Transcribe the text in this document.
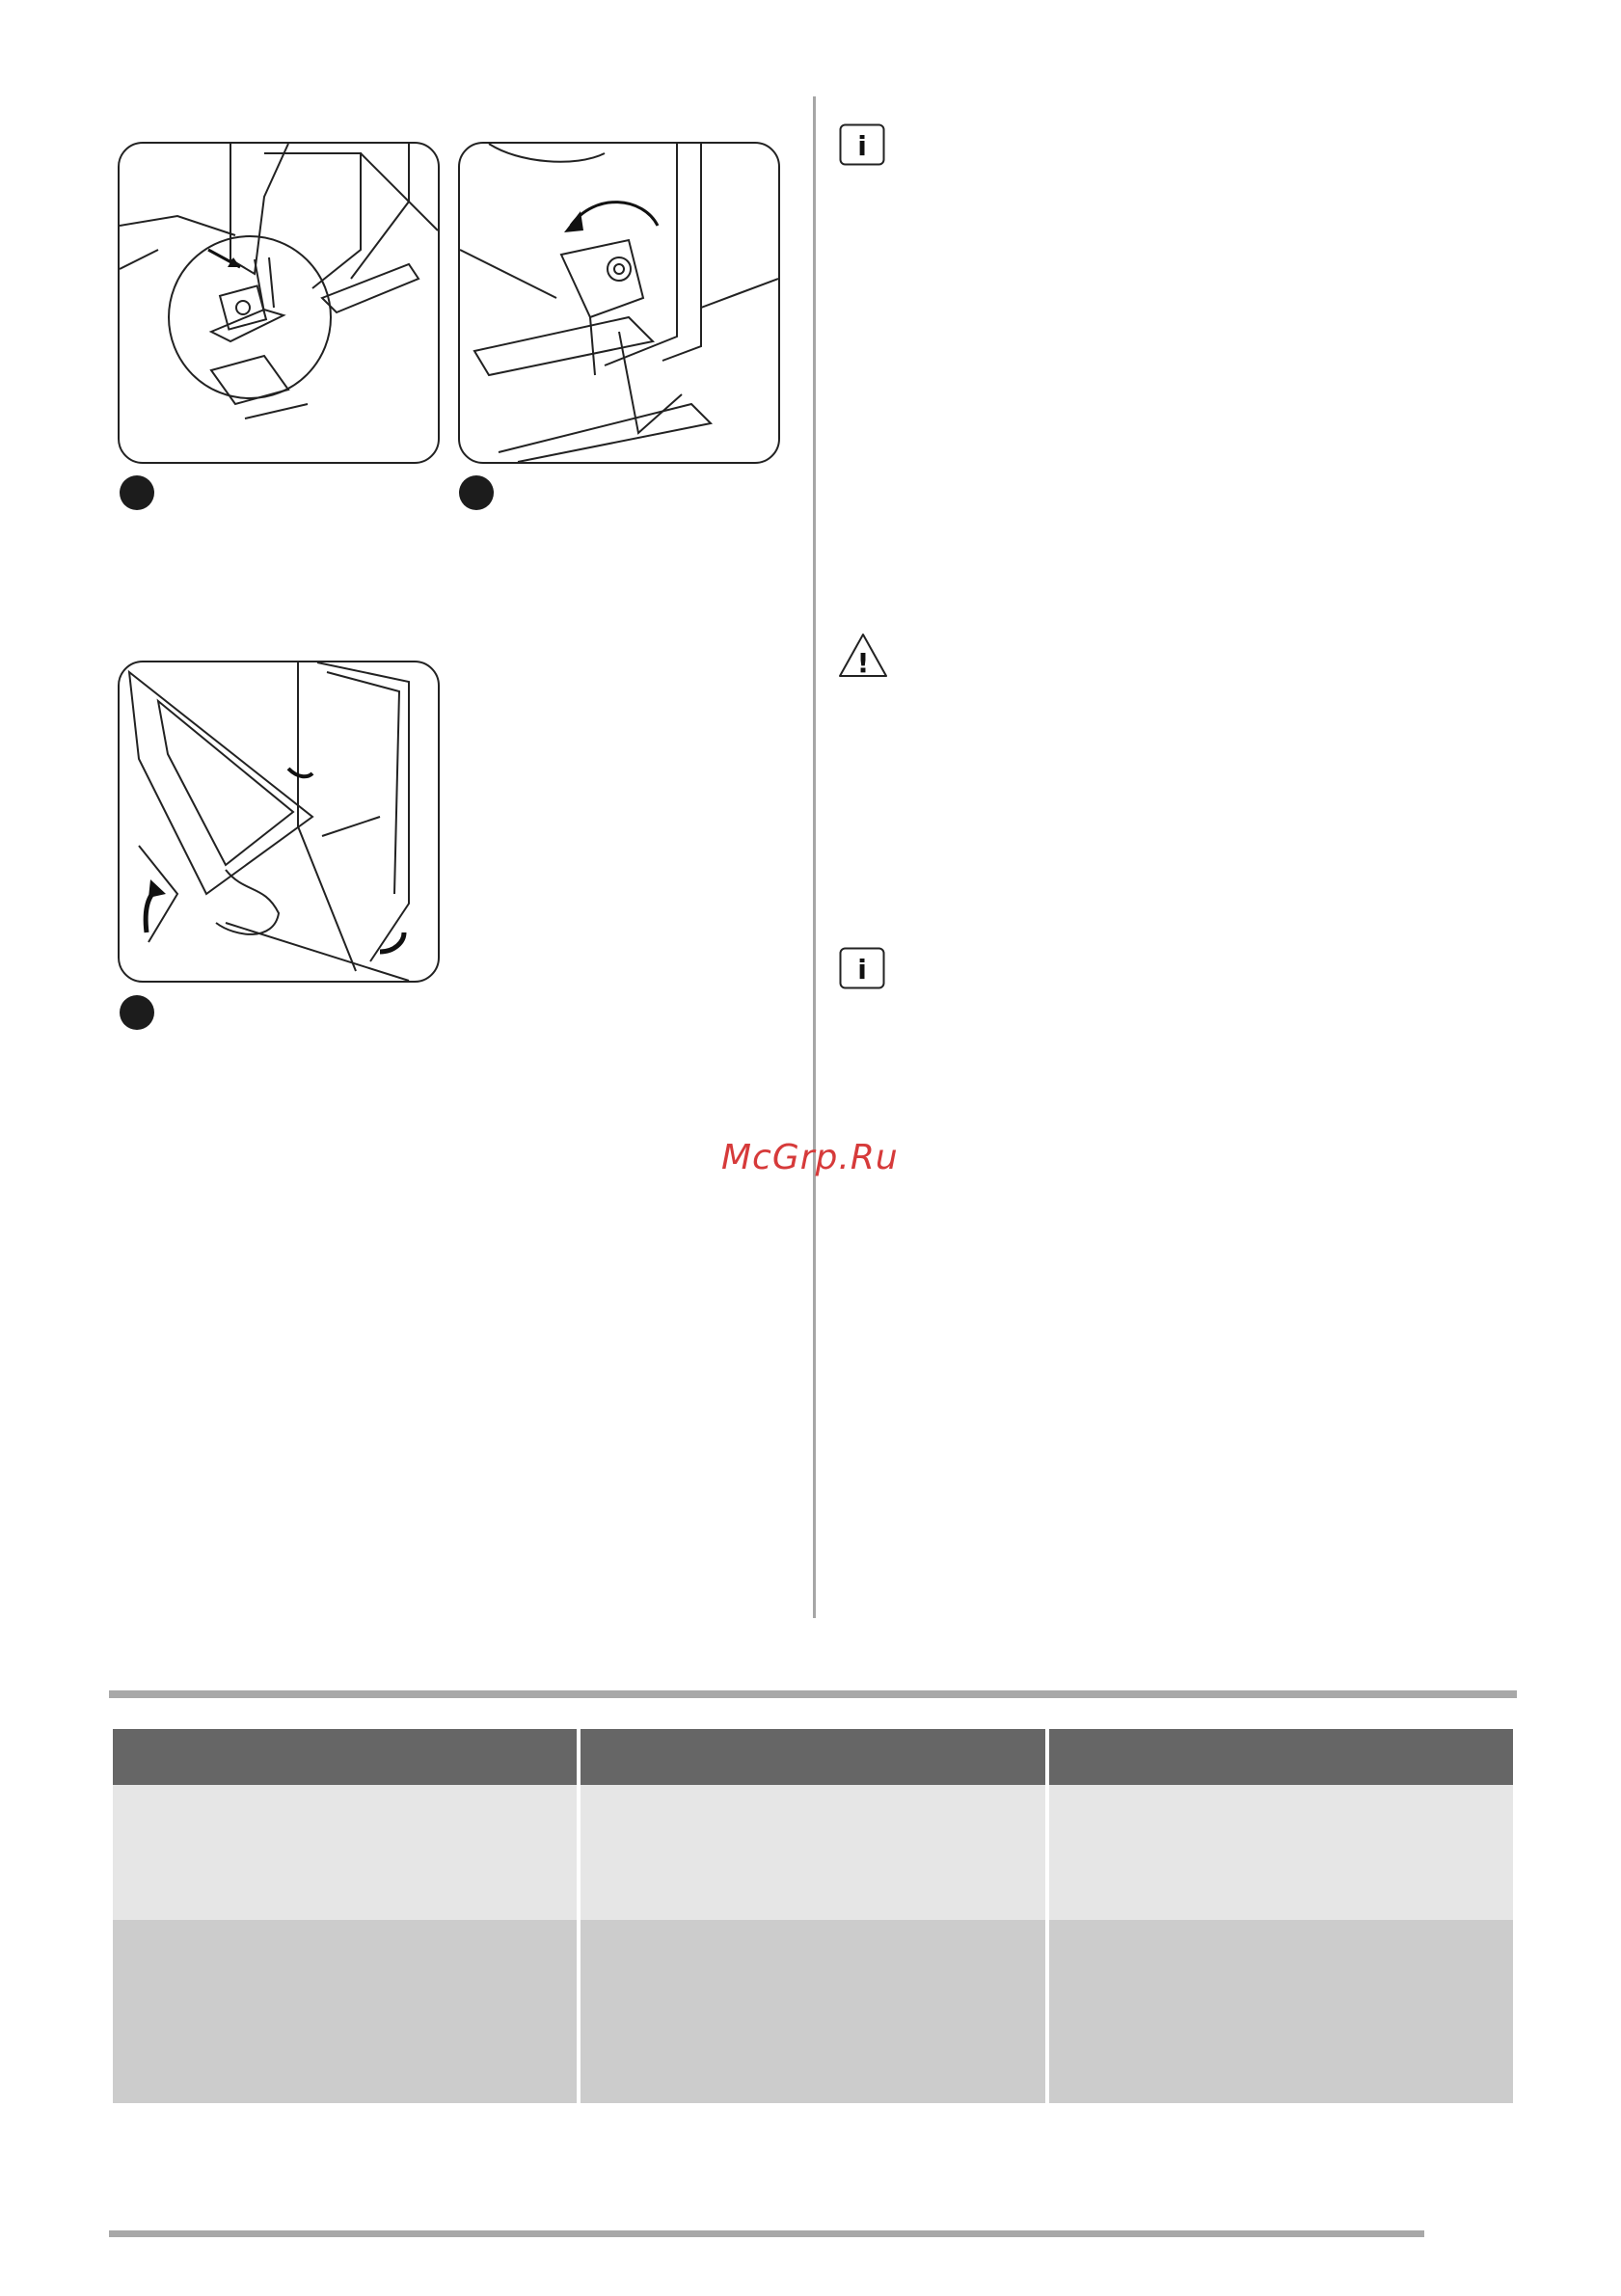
i
!
i
McGrp.Ru
